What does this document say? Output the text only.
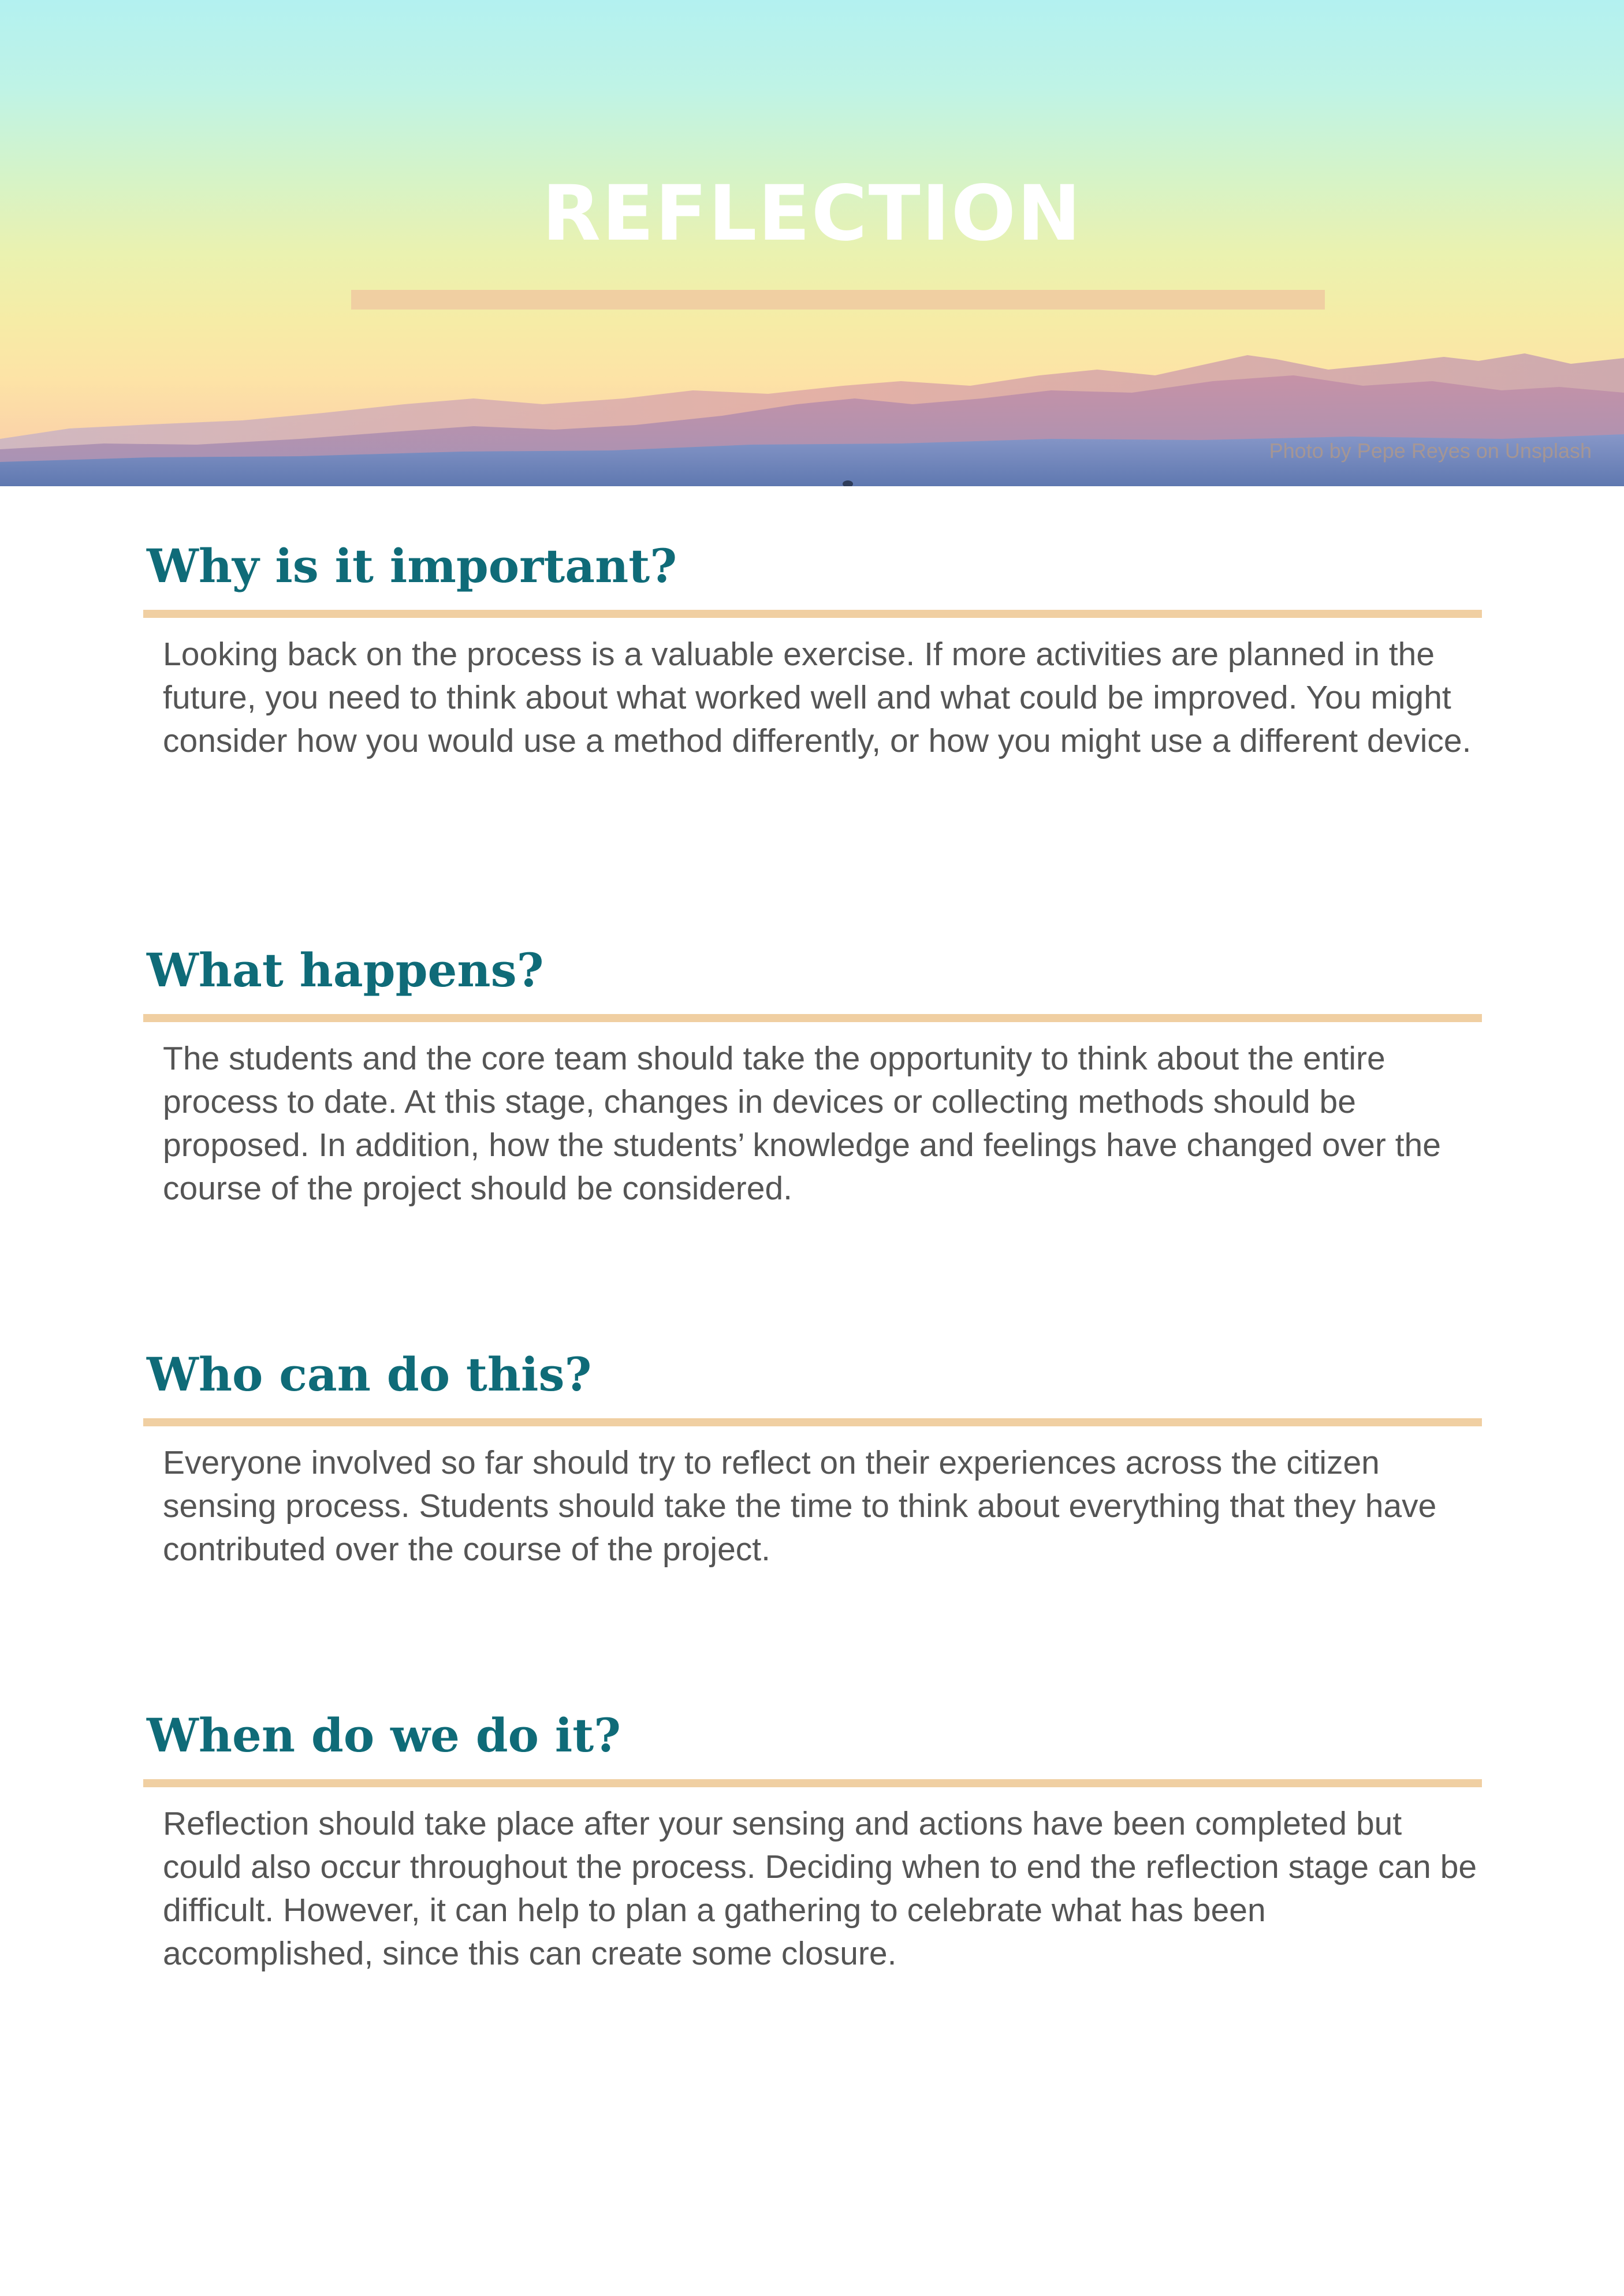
REFLECTION
Photo by Pepe Reyes on Unsplash
Why is it important?

Looking back on the process is a valuable exercise. If more activities are planned in the future, you need to think about what worked well and what could be improved. You might consider how you would use a method differently, or how you might use a different device.

What happens?

The students and the core team should take the opportunity to think about the entire process to date. At this stage, changes in devices or collecting methods should be proposed. In addition, how the students’ knowledge and feelings have changed over the course of the project should be considered.

Who can do this?

Everyone involved so far should try to reflect on their experiences across the citizen sensing process. Students should take the time to think about everything that they have contributed over the course of the project.

When do we do it?

Reflection should take place after your sensing and actions have been completed but could also occur throughout the process. Deciding when to end the reflection stage can be difficult. However, it can help to plan a gathering to celebrate what has been accomplished, since this can create some closure.
